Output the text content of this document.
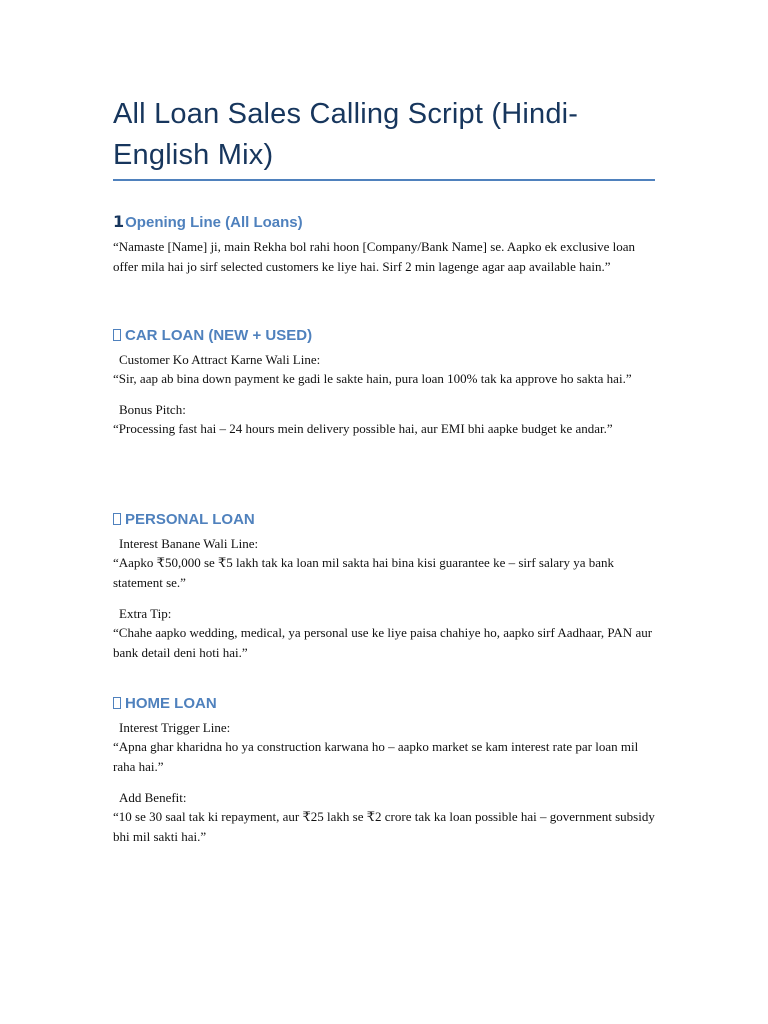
All Loan Sales Calling Script (Hindi-English Mix)
1Opening Line (All Loans)

“Namaste [Name] ji, main Rekha bol rahi hoon [Company/Bank Name] se. Aapko ek exclusive loan offer mila hai jo sirf selected customers ke liye hai. Sirf 2 min lagenge agar aap available hain.”

CAR LOAN (NEW + USED)

Customer Ko Attract Karne Wali Line:

“Sir, aap ab bina down payment ke gadi le sakte hain, pura loan 100% tak ka approve ho sakta hai.”

Bonus Pitch:

“Processing fast hai – 24 hours mein delivery possible hai, aur EMI bhi aapke budget ke andar.”

PERSONAL LOAN

Interest Banane Wali Line:

“Aapko ₹50,000 se ₹5 lakh tak ka loan mil sakta hai bina kisi guarantee ke – sirf salary ya bank statement se.”

Extra Tip:

“Chahe aapko wedding, medical, ya personal use ke liye paisa chahiye ho, aapko sirf Aadhaar, PAN aur bank detail deni hoti hai.”

HOME LOAN

Interest Trigger Line:

“Apna ghar kharidna ho ya construction karwana ho – aapko market se kam interest rate par loan mil raha hai.”

Add Benefit:

“10 se 30 saal tak ki repayment, aur ₹25 lakh se ₹2 crore tak ka loan possible hai – government subsidy bhi mil sakti hai.”
